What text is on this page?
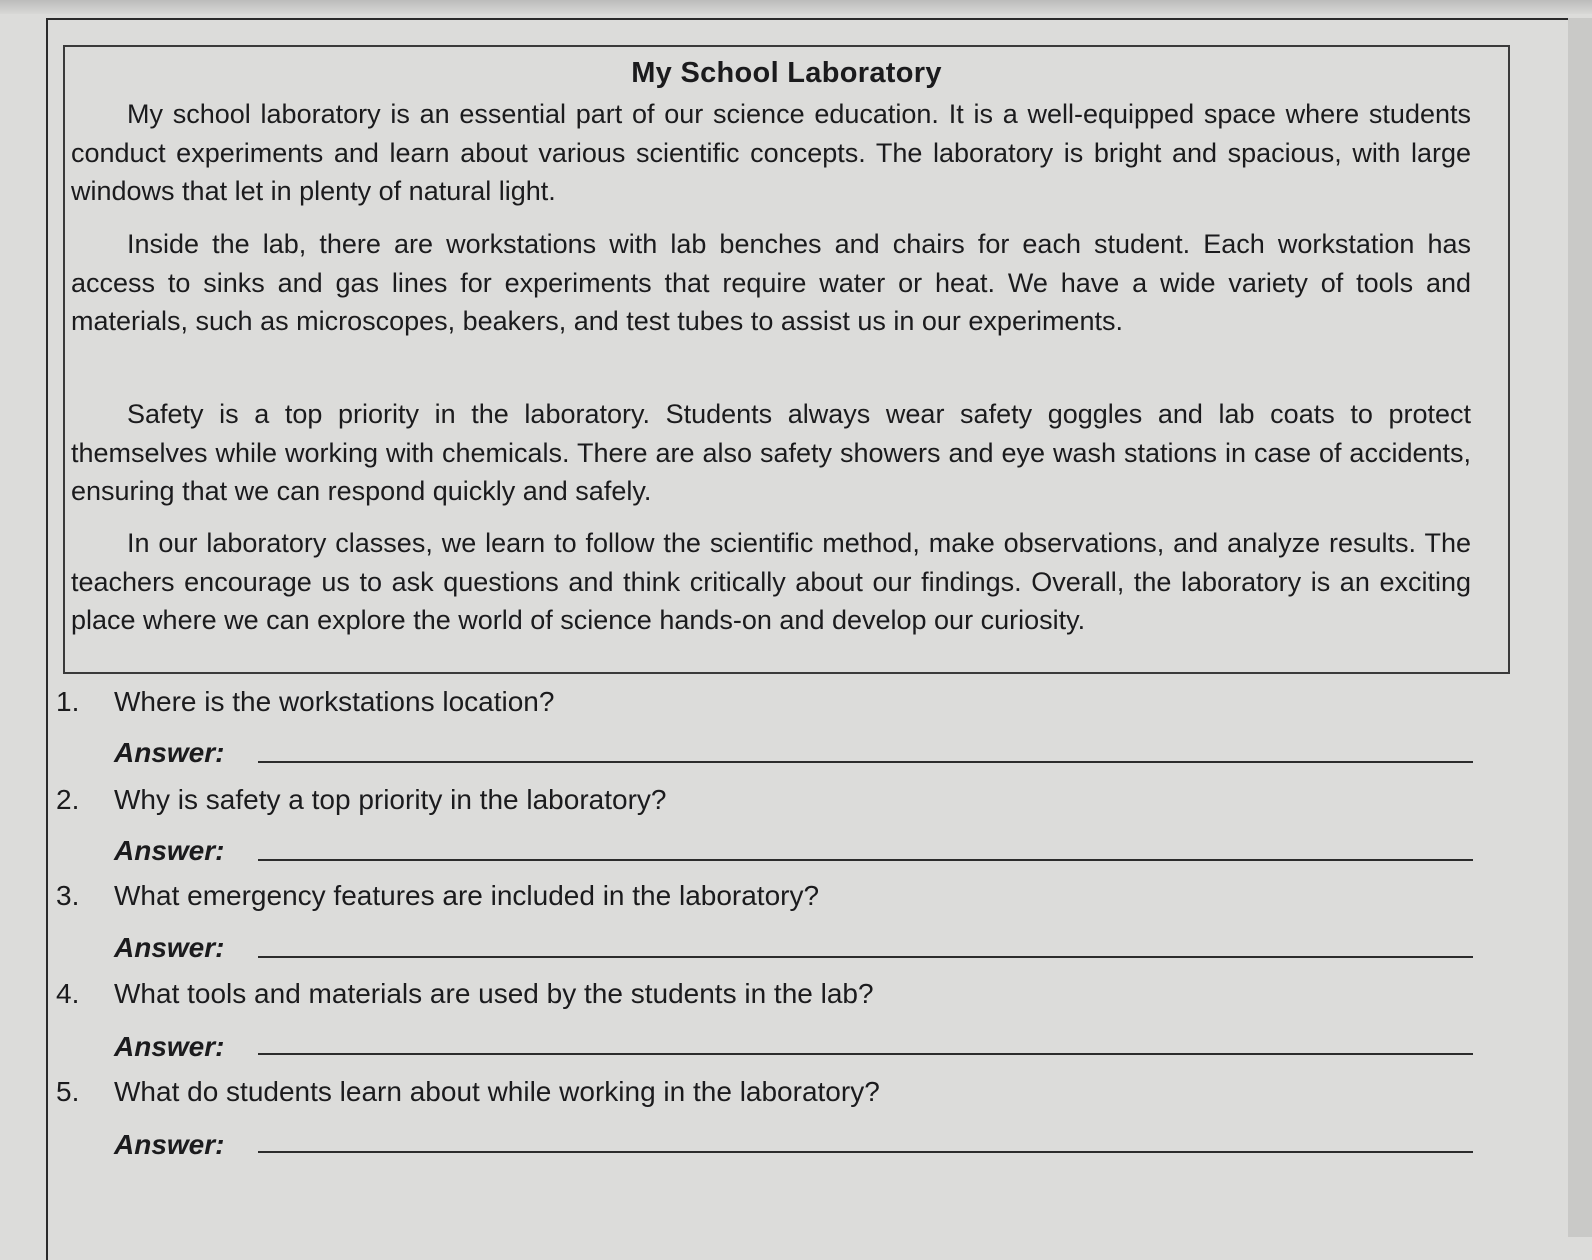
My School Laboratory

My school laboratory is an essential part of our science education. It is a well-equipped space where students conduct experiments and learn about various scientific concepts. The laboratory is bright and spacious, with large windows that let in plenty of natural light.

Inside the lab, there are workstations with lab benches and chairs for each student. Each workstation has access to sinks and gas lines for experiments that require water or heat. We have a wide variety of tools and materials, such as microscopes, beakers, and test tubes to assist us in our experiments.

Safety is a top priority in the laboratory. Students always wear safety goggles and lab coats to protect themselves while working with chemicals. There are also safety showers and eye wash stations in case of accidents, ensuring that we can respond quickly and safely.

In our laboratory classes, we learn to follow the scientific method, make observations, and analyze results. The teachers encourage us to ask questions and think critically about our findings. Overall, the laboratory is an exciting place where we can explore the world of science hands-on and develop our curiosity.

1. Where is the workstations location?
Answer:
2. Why is safety a top priority in the laboratory?
Answer:
3. What emergency features are included in the laboratory?
Answer:
4. What tools and materials are used by the students in the lab?
Answer:
5. What do students learn about while working in the laboratory?
Answer:
